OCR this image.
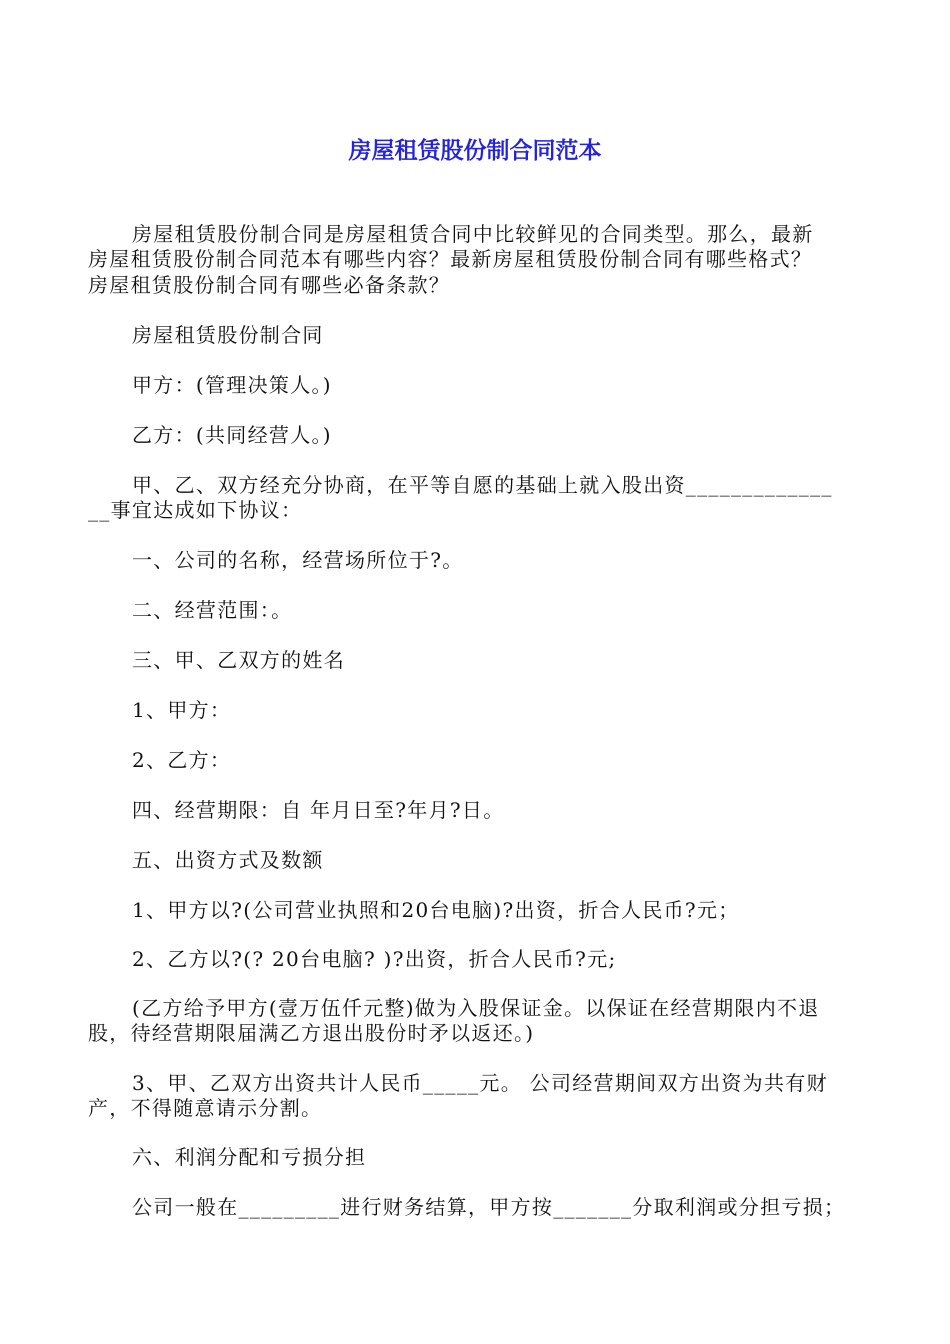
房屋租赁股份制合同范本

房屋租赁股份制合同是房屋租赁合同中比较鲜见的合同类型。那么，最新
房屋租赁股份制合同范本有哪些内容？最新房屋租赁股份制合同有哪些格式？
房屋租赁股份制合同有哪些必备条款？

房屋租赁股份制合同

甲方：(管理决策人。)

乙方：(共同经营人。)

甲、乙、双方经充分协商，在平等自愿的基础上就入股出资_____________
__事宜达成如下协议：

一、公司的名称，经营场所位于?。

二、经营范围：。

三、甲、乙双方的姓名

1、甲方：

2、乙方：

四、经营期限：自 年月日至?年月?日。

五、出资方式及数额

1、甲方以?(公司营业执照和20台电脑)?出资，折合人民币?元；

2、乙方以?(? 20台电脑? )?出资，折合人民币?元;

(乙方给予甲方(壹万伍仟元整)做为入股保证金。以保证在经营期限内不退
股，待经营期限届满乙方退出股份时矛以返还。)

3、甲、乙双方出资共计人民币_____元。 公司经营期间双方出资为共有财
产，不得随意请示分割。

六、利润分配和亏损分担

公司一般在_________进行财务结算，甲方按_______分取利润或分担亏损；
